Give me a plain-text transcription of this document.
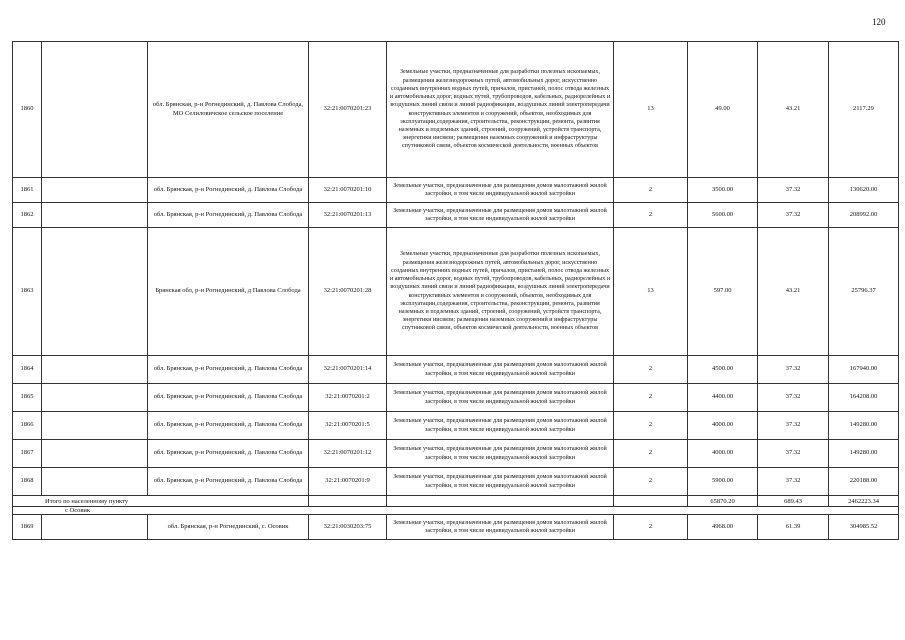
120
1860		обл. Брянская, р-н Рогнединский, д. Павлова Слобода, МО Селиловичское сельское поселение	32:21:0070201:23	Земельные участки, предназначенные для разработки полезных ископаемых, размещения железнодорожных путей, автомобильных дорог, искусственно созданных внутренних водных путей, причалов, пристаней, полос отвода железных и автомобильных дорог, водных путей, трубопроводов, кабельных, радиорелейных и воздушных линий связи и линий радиофикации, воздушных линий электропередачи конструктивных элементов и сооружений, объектов, необходимых для эксплуатации,содержания, строительства, реконструкции, ремонта, развития наземных и подземных зданий, строений, сооружений, устройств транспорта, энергетики иисвязи; размещения наземных сооружений и инфраструктуры спутниковой связи, объектов космической деятельности, военных объектов	13	49.00	43.21	2117.29
1861		обл. Брянская, р-н Рогнединский, д. Павлова Слобода	32:21:0070201:10	Земельные участки, предназначенные для размещения домов малоэтажной жилой застройки, в том числе индивидуальной жилой застройки	2	3500.00	37.32	130620.00
1862		обл. Брянская, р-н Рогнединский, д. Павлова Слобода	32:21:0070201:13	Земельные участки, предназначенные для размещения домов малоэтажной жилой застройки, в том числе индивидуальной жилой застройки	2	5600.00	37.32	208992.00
1863		Брянская обл, р-н Рогнединский, д Павлова Слобода	32:21:0070201:28	Земельные участки, предназначенные для разработки полезных ископаемых, размещения железнодорожных путей, автомобильных дорог, искусственно созданных внутренних водных путей, причалов, пристаней, полос отвода железных и автомобильных дорог, водных путей, трубопроводов, кабельных, радиорелейных и воздушных линий связи и линий радиофикации, воздушных линий электропередачи конструктивных элементов и сооружений, объектов, необходимых для эксплуатации,содержания, строительства, реконструкции, ремонта, развития наземных и подземных зданий, строений, сооружений, устройств транспорта, энергетики иисвязи; размещения наземных сооружений и инфраструктуры спутниковой связи, объектов космической деятельности, военных объектов	13	597.00	43.21	25796.37
1864		обл. Брянская, р-н Рогнединский, д. Павлова Слобода	32:21:0070201:14	Земельные участки, предназначенные для размещения домов малоэтажной жилой застройки, в том числе индивидуальной жилой застройки	2	4500.00	37.32	167940.00
1865		обл. Брянская, р-н Рогнединский, д. Павлова Слобода	32:21:0070201:2	Земельные участки, предназначенные для размещения домов малоэтажной жилой застройки, в том числе индивидуальной жилой застройки	2	4400.00	37.32	164208.00
1866		обл. Брянская, р-н Рогнединский, д. Павлова Слобода	32:21:0070201:5	Земельные участки, предназначенные для размещения домов малоэтажной жилой застройки, в том числе индивидуальной жилой застройки	2	4000.00	37.32	149280.00
1867		обл. Брянская, р-н Рогнединский, д. Павлова Слобода	32:21:0070201:12	Земельные участки, предназначенные для размещения домов малоэтажной жилой застройки, в том числе индивидуальной жилой застройки	2	4000.00	37.32	149280.00
1868		обл. Брянская, р-н Рогнединский, д. Павлова Слобода	32:21:0070201:9	Земельные участки, предназначенные для размещения домов малоэтажной жилой застройки, в том числе индивидуальной жилой застройки	2	5900.00	37.32	220188.00
Итого по населенному пункту						65870.20	689.43	2462223.34
с Осовик								
1869		обл. Брянская, р-н Рогнединский, с. Осовик	32:21:0030203:75	Земельные участки, предназначенные для размещения домов малоэтажной жилой застройки, в том числе индивидуальной жилой застройки	2	4968.00	61.39	304985.52
